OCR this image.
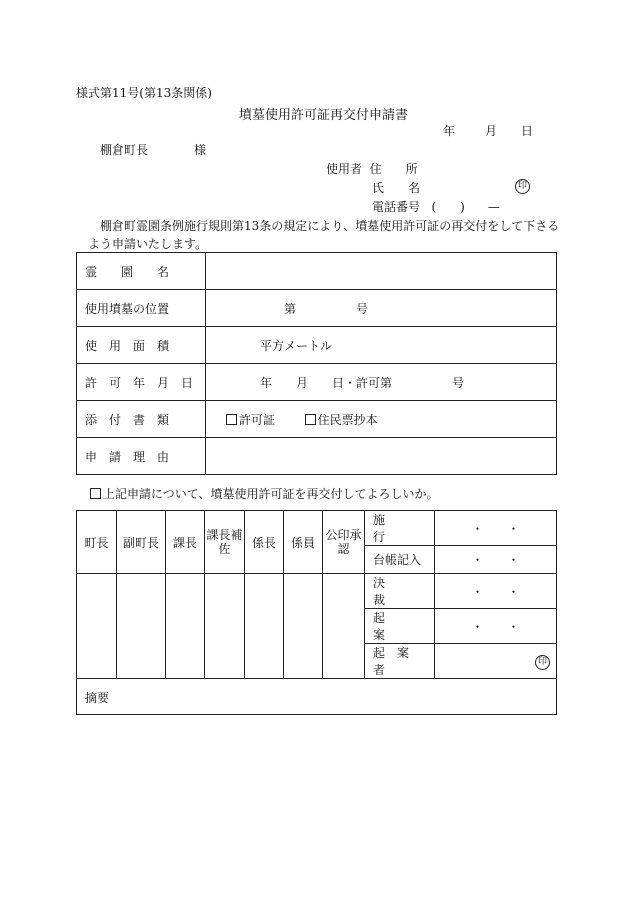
様式第11号(第13条関係)
墳墓使用許可証再交付申請書
年	月 日
棚倉町長	様
使用者 住　　所
氏　　名	印
電話番号 (　　) —
棚倉町霊園条例施行規則第13条の規定により、墳墓使用許可証の再交付をして下さる
よう申請いたします。
霊　　園　　名	
使用墳墓の位置	第　　　　　号
使　用　面　積	平方メートル
許　可　年　月　日	年　　月　　日・許可第　　　　　号
添　付　書　類	許可証 住民票抄本
申　請　理　由	
上記申請について、墳墓使用許可証を再交付してよろしいか。
町長	副町長	課長	課長補佐	係長	係員	公印承認	施　　　行	・　　・

台帳記入	・　　・

決　　　裁	・　　・

起　　　案	・　　・

起　案　者	印
摘要								
